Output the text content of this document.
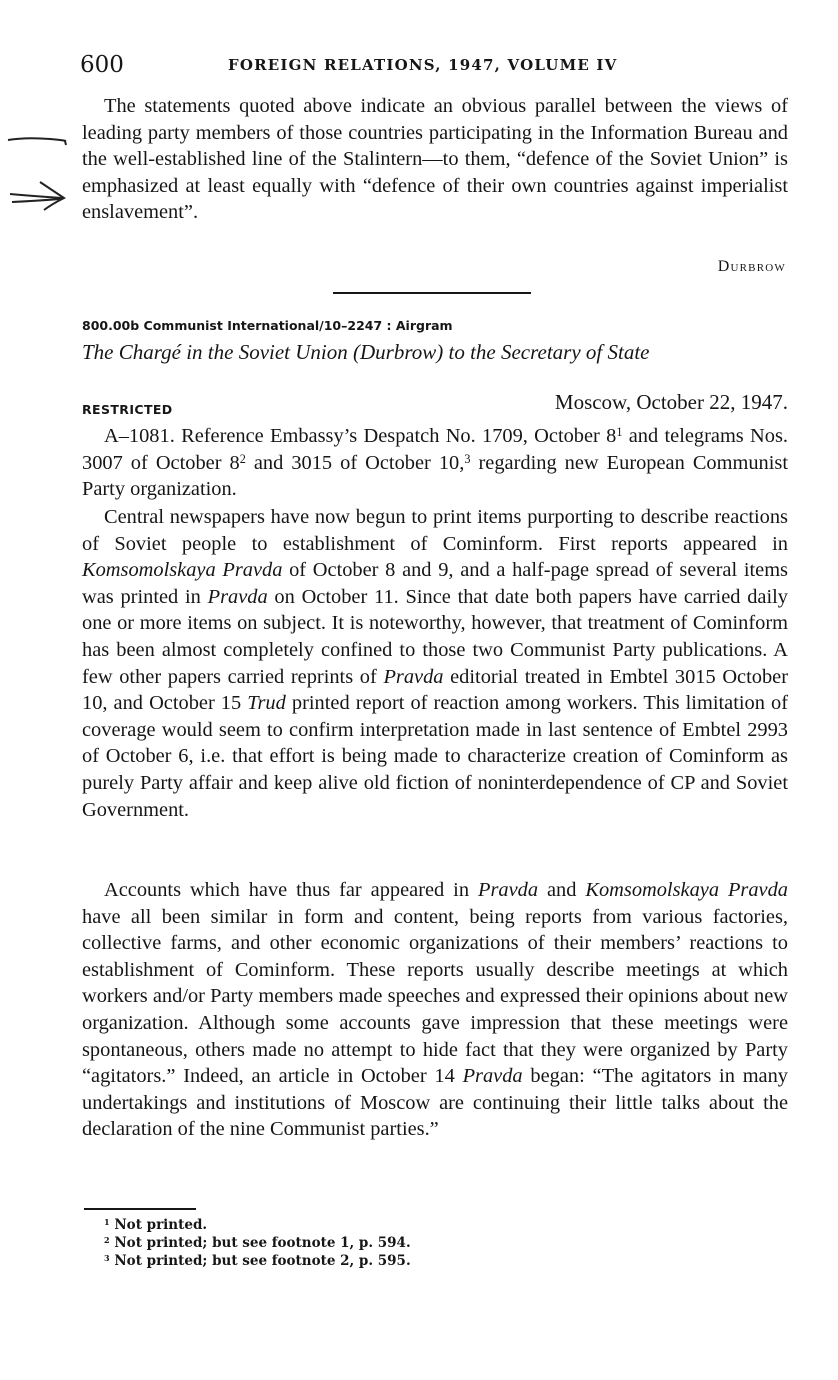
600	FOREIGN RELATIONS, 1947, VOLUME IV

The statements quoted above indicate an obvious parallel between the views of leading party members of those countries participating in the Information Bureau and the well-established line of the Stalintern—to them, “defence of the Soviet Union” is emphasized at least equally with “defence of their own countries against imperialist enslavement”.

Durbrow
800.00b Communist International/10–2247 : Airgram
The Chargé in the Soviet Union (Durbrow) to the Secretary of State
RESTRICTED	Moscow, October 22, 1947.

A–1081. Reference Embassy’s Despatch No. 1709, October $8^1$ and telegrams Nos. 3007 of October $8^2$ and 3015 of October 10,$^3$ regarding new European Communist Party organization.

Central newspapers have now begun to print items purporting to describe reactions of Soviet people to establishment of Cominform. First reports appeared in Komsomolskaya Pravda of October 8 and 9, and a half-page spread of several items was printed in Pravda on October 11. Since that date both papers have carried daily one or more items on subject. It is noteworthy, however, that treatment of Cominform has been almost completely confined to those two Communist Party publications. A few other papers carried reprints of Pravda editorial treated in Embtel 3015 October 10, and October 15 Trud printed report of reaction among workers. This limitation of coverage would seem to confirm interpretation made in last sentence of Embtel 2993 of October 6, i.e. that effort is being made to characterize creation of Cominform as purely Party affair and keep alive old fiction of noninterdependence of CP and Soviet Government.

Accounts which have thus far appeared in Pravda and Komsomolskaya Pravda have all been similar in form and content, being reports from various factories, collective farms, and other economic organizations of their members’ reactions to establishment of Cominform. These reports usually describe meetings at which workers and/or Party members made speeches and expressed their opinions about new organization. Although some accounts gave impression that these meetings were spontaneous, others made no attempt to hide fact that they were organized by Party “agitators.” Indeed, an article in October 14 Pravda began: “The agitators in many undertakings and institutions of Moscow are continuing their little talks about the declaration of the nine Communist parties.”

$^1$ Not printed.
$^2$ Not printed; but see footnote 1, p. 594.
$^3$ Not printed; but see footnote 2, p. 595.
